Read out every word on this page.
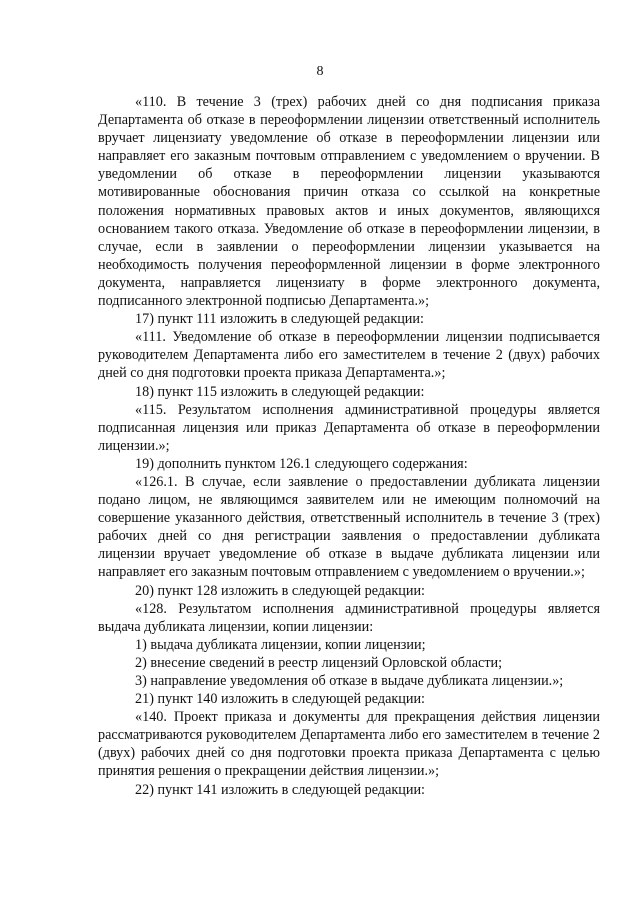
8

«110. В течение 3 (трех) рабочих дней со дня подписания приказа Департамента об отказе в переоформлении лицензии ответственный исполнитель вручает лицензиату уведомление об отказе в переоформлении лицензии или направляет его заказным почтовым отправлением с уведомлением о вручении. В уведомлении об отказе в переоформлении лицензии указываются мотивированные обоснования причин отказа со ссылкой на конкретные положения нормативных правовых актов и иных документов, являющихся основанием такого отказа. Уведомление об отказе в переоформлении лицензии, в случае, если в заявлении о переоформлении лицензии указывается на необходимость получения переоформленной лицензии в форме электронного документа, направляется лицензиату в форме электронного документа, подписанного электронной подписью Департамента.»;

17) пункт 111 изложить в следующей редакции:

«111. Уведомление об отказе в переоформлении лицензии подписывается руководителем Департамента либо его заместителем в течение 2 (двух) рабочих дней со дня подготовки проекта приказа Департамента.»;

18) пункт 115 изложить в следующей редакции:

«115. Результатом исполнения административной процедуры является подписанная лицензия или приказ Департамента об отказе в переоформлении лицензии.»;

19) дополнить пунктом 126.1 следующего содержания:

«126.1. В случае, если заявление о предоставлении дубликата лицензии подано лицом, не являющимся заявителем или не имеющим полномочий на совершение указанного действия, ответственный исполнитель в течение 3 (трех) рабочих дней со дня регистрации заявления о предоставлении дубликата лицензии вручает уведомление об отказе в выдаче дубликата лицензии или направляет его заказным почтовым отправлением с уведомлением о вручении.»;

20) пункт 128 изложить в следующей редакции:

«128. Результатом исполнения административной процедуры является выдача дубликата лицензии, копии лицензии:

1) выдача дубликата лицензии, копии лицензии;

2) внесение сведений в реестр лицензий Орловской области;

3) направление уведомления об отказе в выдаче дубликата лицензии.»;

21) пункт 140 изложить в следующей редакции:

«140. Проект приказа и документы для прекращения действия лицензии рассматриваются руководителем Департамента либо его заместителем в течение 2 (двух) рабочих дней со дня подготовки проекта приказа Департамента с целью принятия решения о прекращении действия лицензии.»;

22) пункт 141 изложить в следующей редакции:
